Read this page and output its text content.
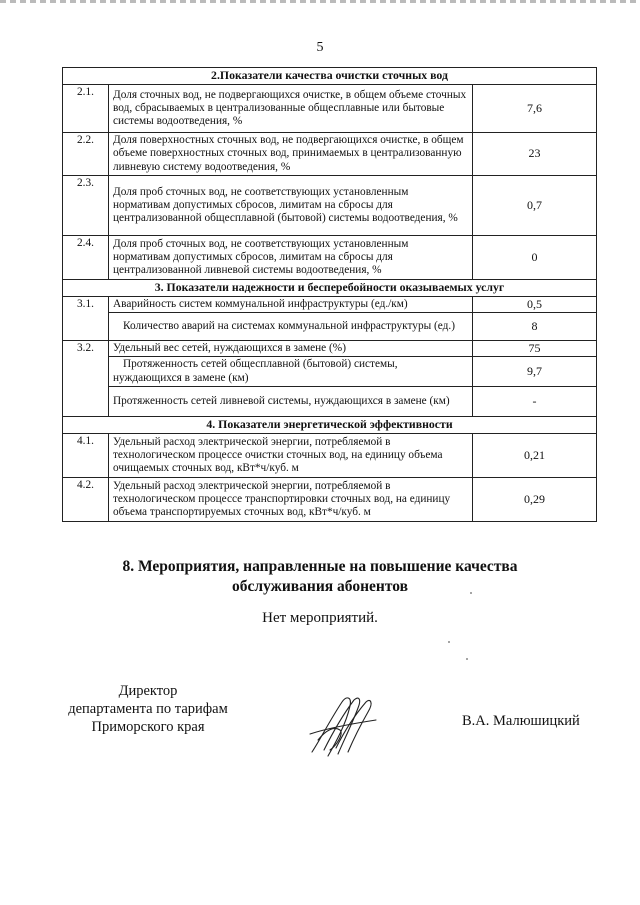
5
2.Показатели качества очистки сточных вод		
2.1.	Доля сточных вод, не подвергающихся очистке, в общем объеме сточных вод, сбрасываемых в централизованные общесплавные или бытовые системы водоотведения, %	7,6
2.2.	Доля поверхностных сточных вод, не подвергающихся очистке, в общем объеме поверхностных сточных вод, принимаемых в централизованную ливневую систему водоотведения, %	23
2.3.	Доля проб сточных вод, не соответствующих установленным нормативам допустимых сбросов, лимитам на сбросы для централизованной общесплавной (бытовой) системы водоотведения, %	0,7
2.4.	Доля проб сточных вод, не соответствующих установленным нормативам допустимых сбросов, лимитам на сбросы для централизованной ливневой системы водоотведения, %	0
3. Показатели надежности и бесперебойности оказываемых услуг		
3.1.	Аварийность систем коммунальной инфраструктуры (ед./км)	0,5
	Количество аварий на системах коммунальной инфраструктуры (ед.)	8
3.2.	Удельный вес сетей, нуждающихся в замене (%)	75
	Протяженность сетей общесплавной (бытовой) системы, нуждающихся в замене (км)	9,7
	Протяженность сетей ливневой системы, нуждающихся в замене (км)	-
4. Показатели энергетической эффективности		
4.1.	Удельный расход электрической энергии, потребляемой в технологическом процессе очистки сточных вод, на единицу объема очищаемых сточных вод, кВт*ч/куб. м	0,21
4.2.	Удельный расход электрической энергии, потребляемой в технологическом процессе транспортировки сточных вод, на единицу объема транспортируемых сточных вод, кВт*ч/куб. м	0,29
8. Мероприятия, направленные на повышение качества
обслуживания абонентов
Нет мероприятий.
Директор
департамента по тарифам
Приморского края	В.А. Малюшицкий
